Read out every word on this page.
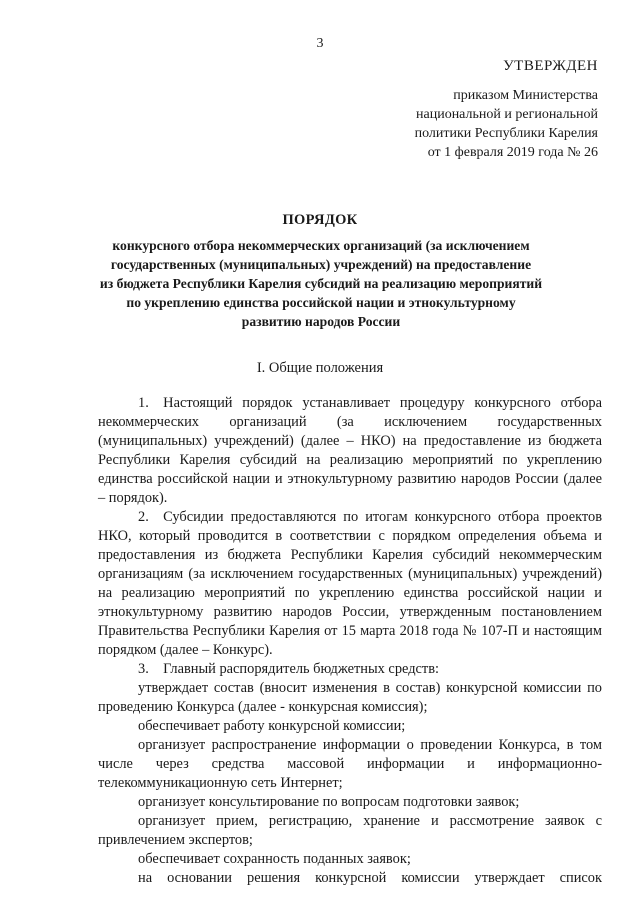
3
УТВЕРЖДЕН
приказом Министерства
национальной и региональной
политики Республики Карелия
от 1 февраля 2019 года № 26
ПОРЯДОК
конкурсного отбора некоммерческих организаций (за исключением
государственных (муниципальных) учреждений) на предоставление
из бюджета Республики Карелия субсидий на реализацию мероприятий
по укреплению единства российской нации и этнокультурному
развитию народов России
I. Общие положения

1. Настоящий порядок устанавливает процедуру конкурсного отбора некоммерческих организаций (за исключением государственных (муниципальных) учреждений) (далее – НКО) на предоставление из бюджета Республики Карелия субсидий на реализацию мероприятий по укреплению единства российской нации и этнокультурному развитию народов России (далее – порядок).

2. Субсидии предоставляются по итогам конкурсного отбора проектов НКО, который проводится в соответствии с порядком определения объема и предоставления из бюджета Республики Карелия субсидий некоммерческим организациям (за исключением государственных (муниципальных) учреждений) на реализацию мероприятий по укреплению единства российской нации и этнокультурному развитию народов России, утвержденным постановлением Правительства Республики Карелия от 15 марта 2018 года № 107-П и настоящим порядком (далее – Конкурс).

3. Главный распорядитель бюджетных средств:

утверждает состав (вносит изменения в состав) конкурсной комиссии по проведению Конкурса (далее - конкурсная комиссия);

обеспечивает работу конкурсной комиссии;

организует распространение информации о проведении Конкурса, в том числе через средства массовой информации и информационно-телекоммуникационную сеть Интернет;

организует консультирование по вопросам подготовки заявок;

организует прием, регистрацию, хранение и рассмотрение заявок с привлечением экспертов;

обеспечивает сохранность поданных заявок;

на основании решения конкурсной комиссии утверждает список
